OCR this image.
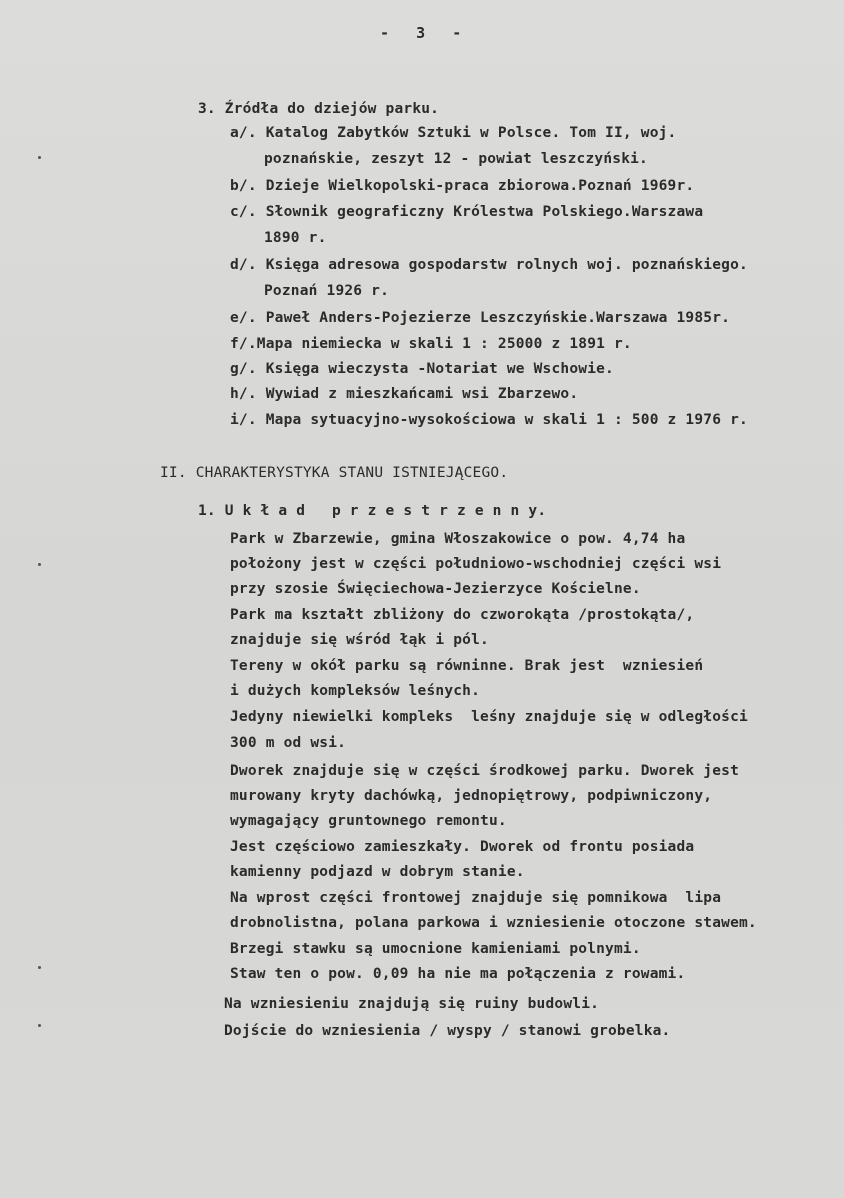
-   3   -
3. Źródła do dziejów parku.
a/. Katalog Zabytków Sztuki w Polsce. Tom II, woj.
poznańskie, zeszyt 12 - powiat leszczyński.
b/. Dzieje Wielkopolski-praca zbiorowa.Poznań 1969r.
c/. Słownik geograficzny Królestwa Polskiego.Warszawa
1890 r.
d/. Księga adresowa gospodarstw rolnych woj. poznańskiego.
Poznań 1926 r.
e/. Paweł Anders-Pojezierze Leszczyńskie.Warszawa 1985r.
f/.Mapa niemiecka w skali 1 : 25000 z 1891 r.
g/. Księga wieczysta -Notariat we Wschowie.
h/. Wywiad z mieszkańcami wsi Zbarzewo.
i/. Mapa sytuacyjno-wysokościowa w skali 1 : 500 z 1976 r.
II. CHARAKTERYSTYKA STANU ISTNIEJĄCEGO.
1. U k ł a d   p r z e s t r z e n n y.
Park w Zbarzewie, gmina Włoszakowice o pow. 4,74 ha
położony jest w części południowo-wschodniej części wsi
przy szosie Święciechowa-Jezierzyce Kościelne.
Park ma kształt zbliżony do czworokąta /prostokąta/,
znajduje się wśród łąk i pól.
Tereny w okół parku są równinne. Brak jest  wzniesień
i dużych kompleksów leśnych.
Jedyny niewielki kompleks  leśny znajduje się w odległości
300 m od wsi.
Dworek znajduje się w części środkowej parku. Dworek jest
murowany kryty dachówką, jednopiętrowy, podpiwniczony,
wymagający gruntownego remontu.
Jest częściowo zamieszkały. Dworek od frontu posiada
kamienny podjazd w dobrym stanie.
Na wprost części frontowej znajduje się pomnikowa  lipa
drobnolistna, polana parkowa i wzniesienie otoczone stawem.
Brzegi stawku są umocnione kamieniami polnymi.
Staw ten o pow. 0,09 ha nie ma połączenia z rowami.
Na wzniesieniu znajdują się ruiny budowli.
Dojście do wzniesienia / wyspy / stanowi grobelka.
